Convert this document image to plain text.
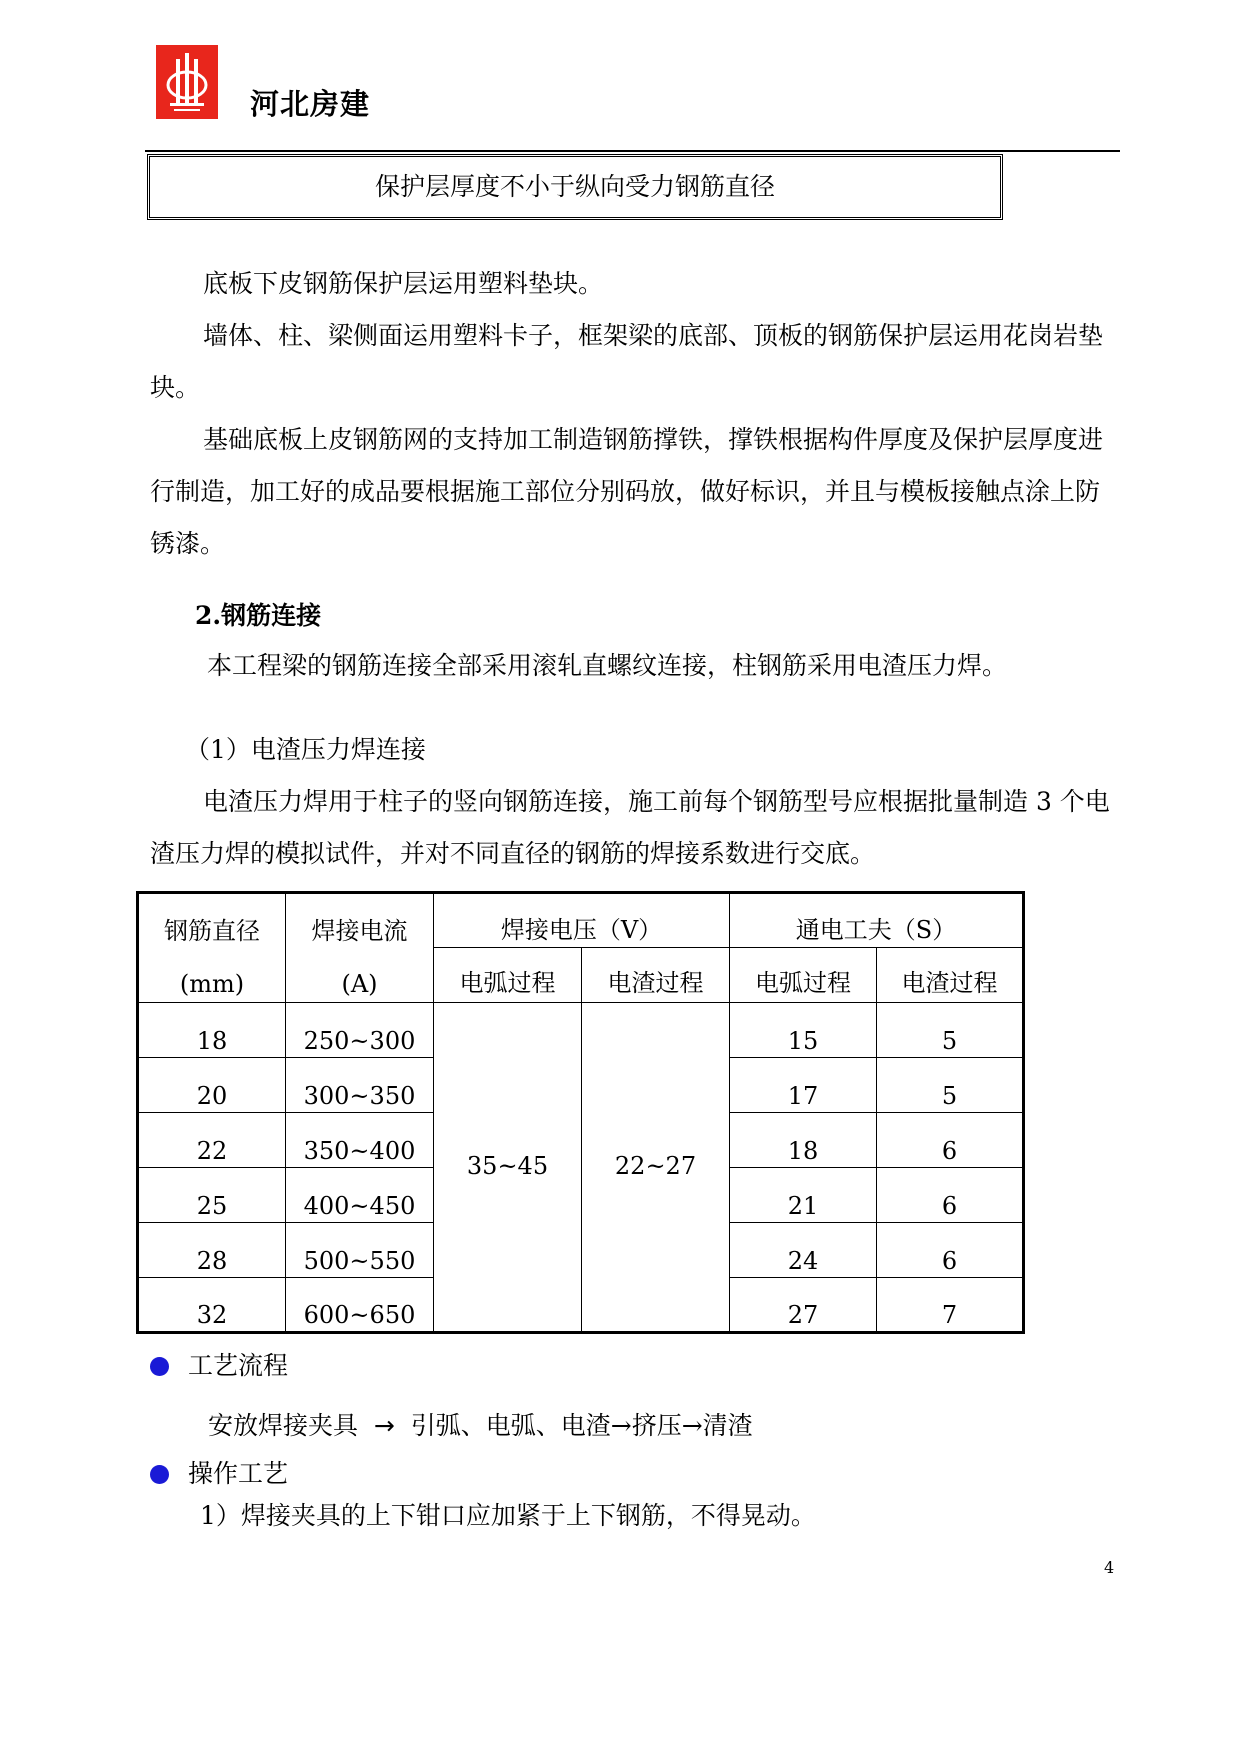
河北房建
保护层厚度不小于纵向受力钢筋直径
底板下皮钢筋保护层运用塑料垫块。
墙体、柱、梁侧面运用塑料卡子，框架梁的底部、顶板的钢筋保护层运用花岗岩垫块。
基础底板上皮钢筋网的支持加工制造钢筋撑铁，撑铁根据构件厚度及保护层厚度进行制造，加工好的成品要根据施工部位分别码放，做好标识，并且与模板接触点涂上防锈漆。
2.钢筋连接
本工程梁的钢筋连接全部采用滚轧直螺纹连接，柱钢筋采用电渣压力焊。
（1）电渣压力焊连接
电渣压力焊用于柱子的竖向钢筋连接，施工前每个钢筋型号应根据批量制造 3 个电渣压力焊的模拟试件，并对不同直径的钢筋的焊接系数进行交底。
钢筋直径	焊接电流	焊接电压（V）		通电工夫（S）	
(mm)	(A)	电弧过程	电渣过程	电弧过程	电渣过程
18	250~300	35~45	22~27	15	5
20	300~350			17	5
22	350~400			18	6
25	400~450			21	6
28	500~550			24	6
32	600~650			27	7
工艺流程
安放焊接夹具 → 引弧、电弧、电渣→挤压→清渣
操作工艺
1）焊接夹具的上下钳口应加紧于上下钢筋，不得晃动。
4
